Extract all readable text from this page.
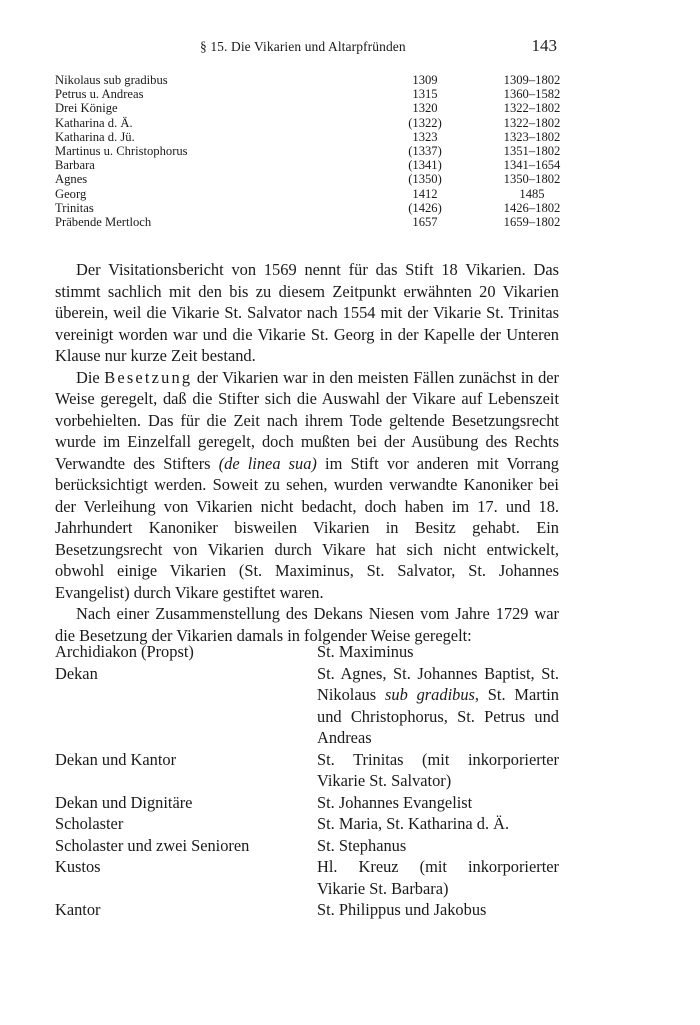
§ 15. Die Vikarien und Altarpfründen	143
Nikolaus sub gradibus	1309	1309–1802
Petrus u. Andreas	1315	1360–1582
Drei Könige	1320	1322–1802
Katharina d. Ä.	(1322)	1322–1802
Katharina d. Jü.	1323	1323–1802
Martinus u. Christophorus	(1337)	1351–1802
Barbara	(1341)	1341–1654
Agnes	(1350)	1350–1802
Georg	1412	1485
Trinitas	(1426)	1426–1802
Präbende Mertloch	1657	1659–1802

Der Visitationsbericht von 1569 nennt für das Stift 18 Vikarien. Das stimmt sachlich mit den bis zu diesem Zeitpunkt erwähnten 20 Vikarien überein, weil die Vikarie St. Salvator nach 1554 mit der Vikarie St. Trinitas vereinigt worden war und die Vikarie St. Georg in der Kapelle der Unteren Klause nur kurze Zeit bestand.

Die Besetzung der Vikarien war in den meisten Fällen zunächst in der Weise geregelt, daß die Stifter sich die Auswahl der Vikare auf Lebenszeit vorbehielten. Das für die Zeit nach ihrem Tode geltende Besetzungsrecht wurde im Einzelfall geregelt, doch mußten bei der Ausübung des Rechts Verwandte des Stifters (de linea sua) im Stift vor anderen mit Vorrang berücksichtigt werden. Soweit zu sehen, wurden verwandte Kanoniker bei der Verleihung von Vikarien nicht bedacht, doch haben im 17. und 18. Jahrhundert Kanoniker bisweilen Vikarien in Besitz gehabt. Ein Besetzungsrecht von Vikarien durch Vikare hat sich nicht entwickelt, obwohl einige Vikarien (St. Maximinus, St. Salvator, St. Johannes Evangelist) durch Vikare gestiftet waren.

Nach einer Zusammenstellung des Dekans Niesen vom Jahre 1729 war die Besetzung der Vikarien damals in folgender Weise geregelt:

Archidiakon (Propst)	St. Maximinus
Dekan	St. Agnes, St. Johannes Baptist, St. Nikolaus sub gradibus, St. Martin und Christophorus, St. Petrus und Andreas
Dekan und Kantor	St. Trinitas (mit inkorporierter Vikarie St. Salvator)
Dekan und Dignitäre	St. Johannes Evangelist
Scholaster	St. Maria, St. Katharina d. Ä.
Scholaster und zwei Senioren	St. Stephanus
Kustos	Hl. Kreuz (mit inkorporierter Vikarie St. Barbara)
Kantor	St. Philippus und Jakobus
